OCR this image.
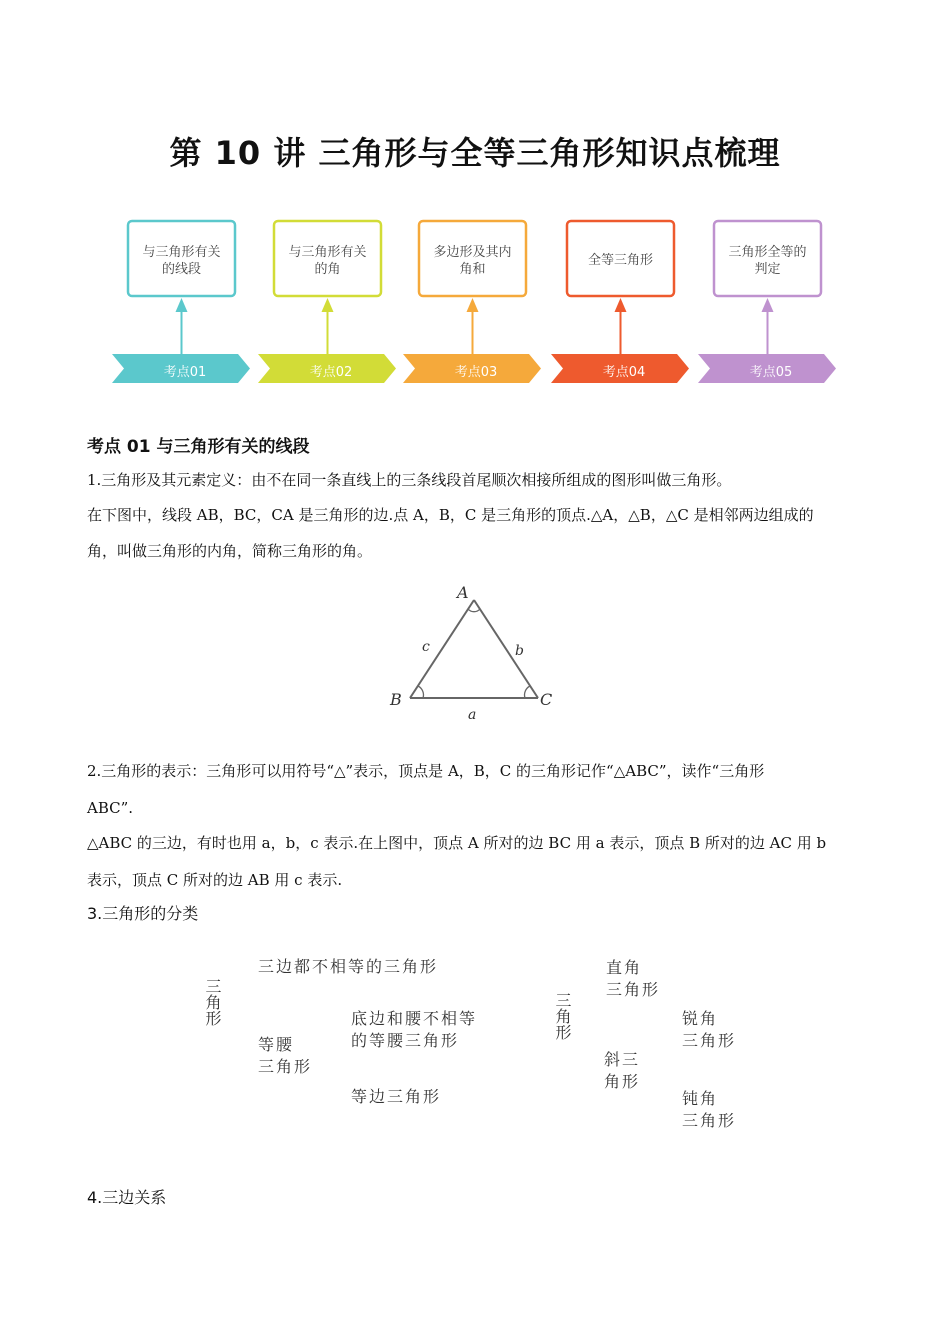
第 10 讲 三角形与全等三角形知识点梳理
与三角形有关
的线段
考点01
与三角形有关
的角
考点02
多边形及其内
角和
考点03
全等三角形
考点04
三角形全等的
判定
考点05
考点 01 与三角形有关的线段
1.三角形及其元素定义：由不在同一条直线上的三条线段首尾顺次相接所组成的图形叫做三角形。
在下图中，线段 AB，BC，CA 是三角形的边.点 A，B，C 是三角形的顶点.△A，△B，△C 是相邻两边组成的
角，叫做三角形的内角，简称三角形的角。
A
B	C
a
b
c
2.三角形的表示：三角形可以用符号“△”表示，顶点是 A，B，C 的三角形记作“△ABC”，读作“三角形
ABC”.
△ABC 的三边，有时也用 a，b，c 表示.在上图中，顶点 A 所对的边 BC 用 a 表示，顶点 B 所对的边 AC 用 b
表示，顶点 C 所对的边 AB 用 c 表示.
3.三角形的分类
三角形
三边都不相等的三角形
等腰
三角形
底边和腰不相等
的等腰三角形
等边三角形
三角形
直角
三角形
斜三
角形
锐角
三角形
钝角
三角形
4.三边关系
